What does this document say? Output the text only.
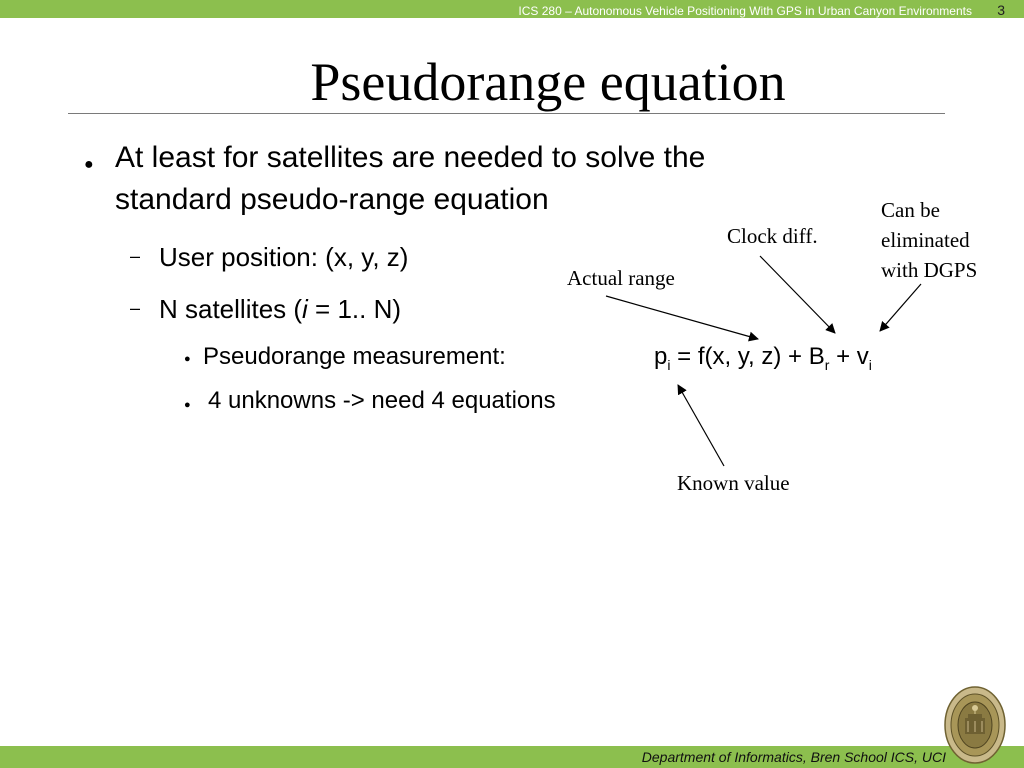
ICS 280 – Autonomous Vehicle Positioning With GPS in Urban Canyon Environments 3
Pseudorange equation
● At least for satellites are needed to solve the
standard pseudo-range equation
– User position: (x, y, z)
– N satellites (i = 1.. N)
● Pseudorange measurement:
● 4 unknowns -> need 4 equations
$p_i = f(x$, y, $z) + B_r + v_i$
Actual range
Clock diff.
Can be
eliminated
with DGPS
Known value
Department of Informatics, Bren School ICS, UCI
